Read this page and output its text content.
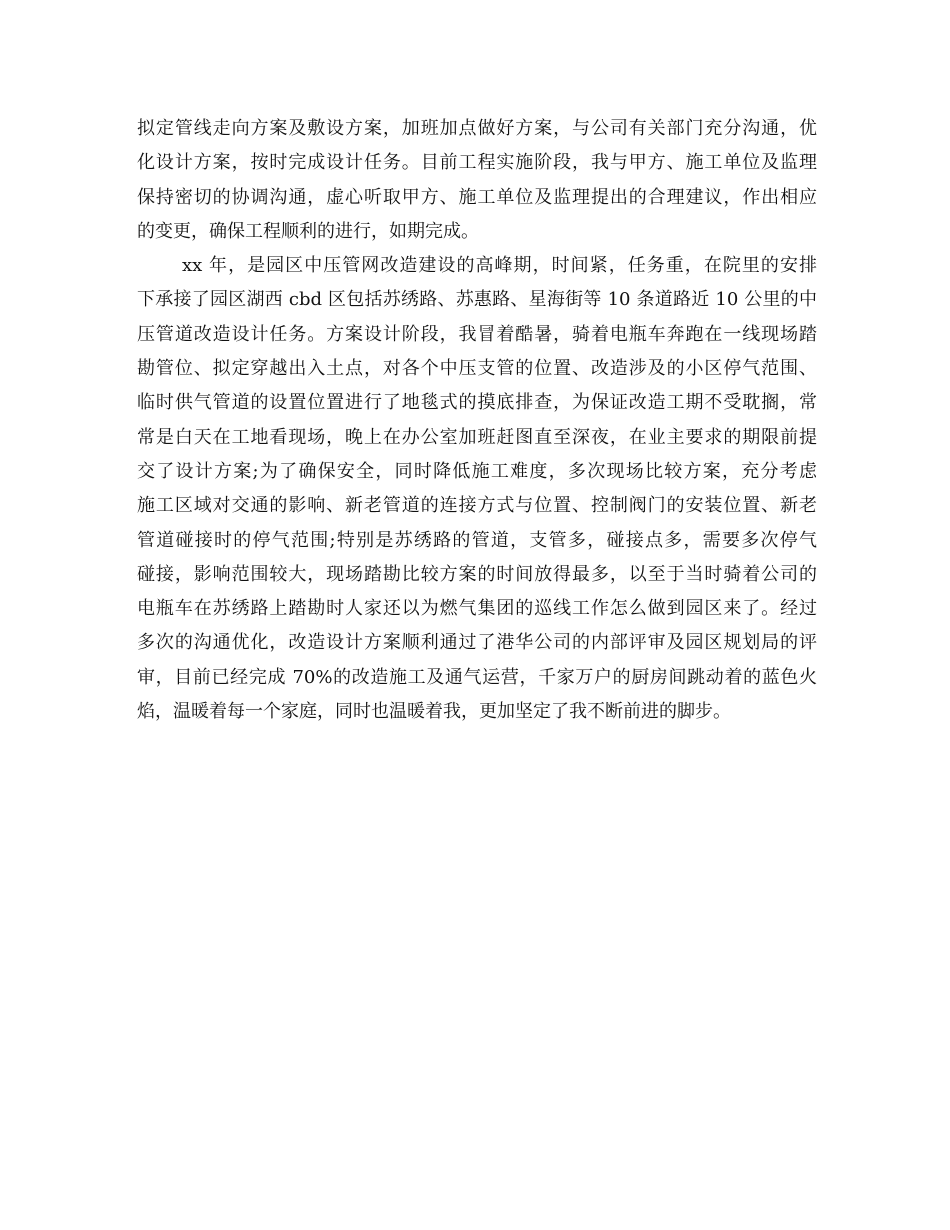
拟定管线走向方案及敷设方案，加班加点做好方案，与公司有关部门充分沟通，优
化设计方案，按时完成设计任务。目前工程实施阶段，我与甲方、施工单位及监理
保持密切的协调沟通，虚心听取甲方、施工单位及监理提出的合理建议，作出相应
的变更，确保工程顺利的进行，如期完成。
xx 年，是园区中压管网改造建设的高峰期，时间紧，任务重，在院里的安排
下承接了园区湖西 cbd 区包括苏绣路、苏惠路、星海街等 10 条道路近 10 公里的中
压管道改造设计任务。方案设计阶段，我冒着酷暑，骑着电瓶车奔跑在一线现场踏
勘管位、拟定穿越出入土点，对各个中压支管的位置、改造涉及的小区停气范围、
临时供气管道的设置位置进行了地毯式的摸底排查，为保证改造工期不受耽搁，常
常是白天在工地看现场，晚上在办公室加班赶图直至深夜，在业主要求的期限前提
交了设计方案;为了确保安全，同时降低施工难度，多次现场比较方案，充分考虑
施工区域对交通的影响、新老管道的连接方式与位置、控制阀门的安装位置、新老
管道碰接时的停气范围;特别是苏绣路的管道，支管多，碰接点多，需要多次停气
碰接，影响范围较大，现场踏勘比较方案的时间放得最多，以至于当时骑着公司的
电瓶车在苏绣路上踏勘时人家还以为燃气集团的巡线工作怎么做到园区来了。经过
多次的沟通优化，改造设计方案顺利通过了港华公司的内部评审及园区规划局的评
审，目前已经完成 70%的改造施工及通气运营，千家万户的厨房间跳动着的蓝色火
焰，温暖着每一个家庭，同时也温暖着我，更加坚定了我不断前进的脚步。
